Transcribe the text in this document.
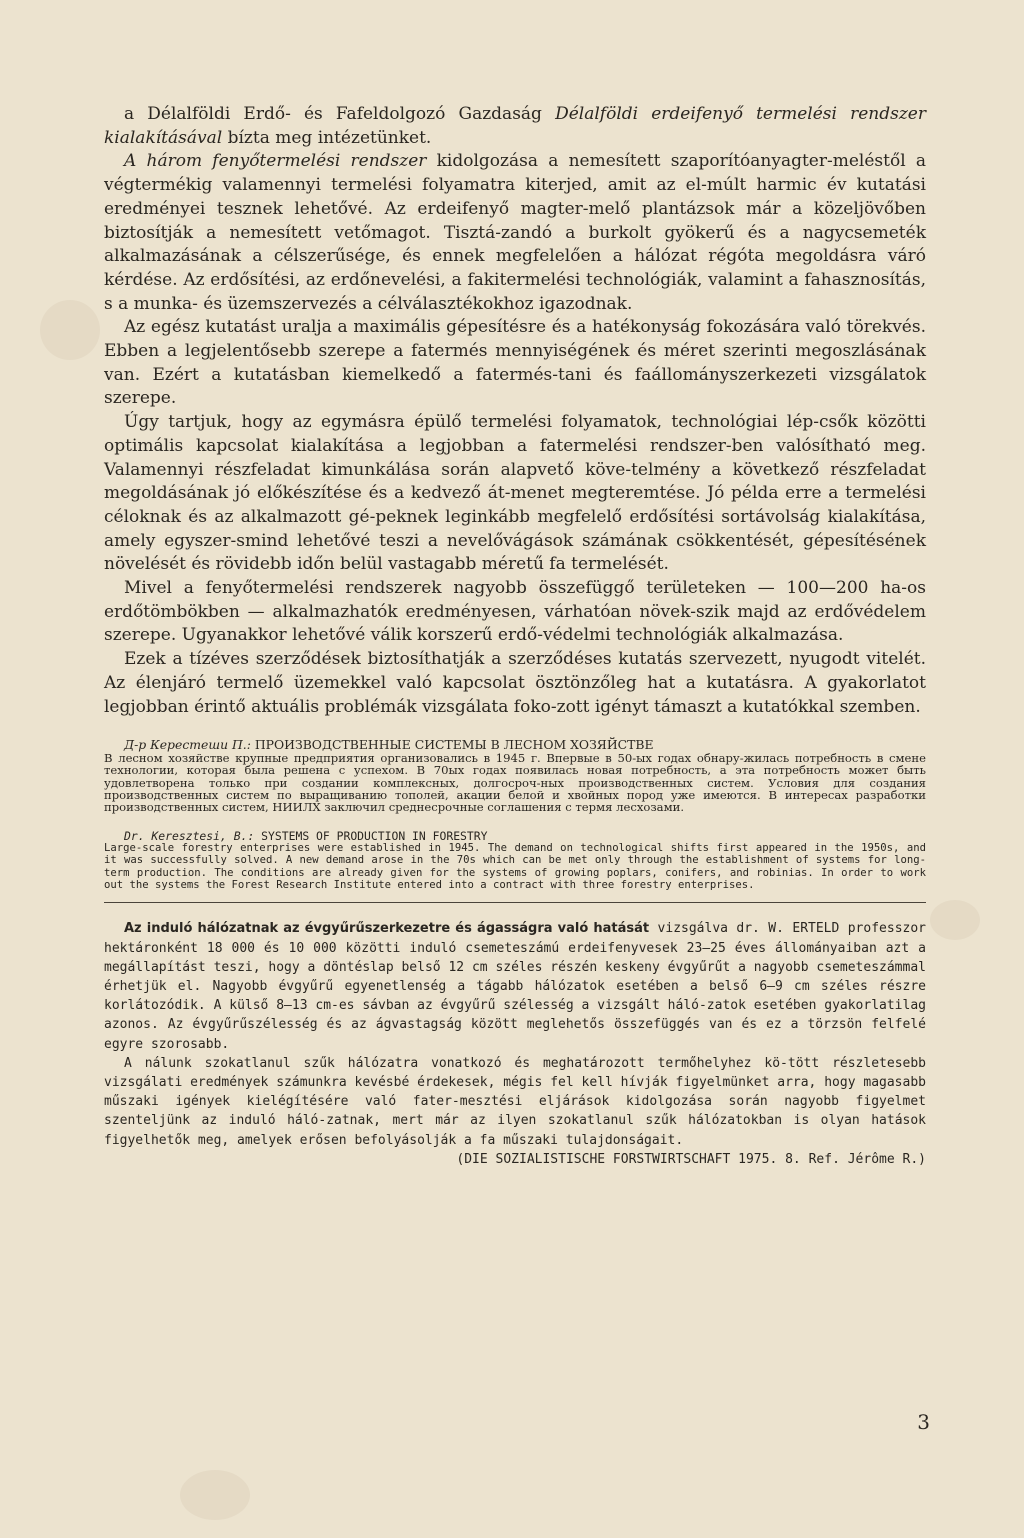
a Délalföldi Erdő- és Fafeldolgozó Gazdaság Délalföldi erdeifenyő termelési rendszer kialakításával bízta meg intézetünket.

A három fenyőtermelési rendszer kidolgozása a nemesített szaporítóanyagter-meléstől a végtermékig valamennyi termelési folyamatra kiterjed, amit az el-múlt harmic év kutatási eredményei tesznek lehetővé. Az erdeifenyő magter-melő plantázsok már a közeljövőben biztosítják a nemesített vetőmagot. Tisztá-zandó a burkolt gyökerű és a nagycsemeték alkalmazásának a célszerűsége, és ennek megfelelően a hálózat régóta megoldásra váró kérdése. Az erdősítési, az erdőnevelési, a fakitermelési technológiák, valamint a fahasznosítás, s a munka- és üzemszervezés a célválasztékokhoz igazodnak.

Az egész kutatást uralja a maximális gépesítésre és a hatékonyság fokozására való törekvés. Ebben a legjelentősebb szerepe a fatermés mennyiségének és méret szerinti megoszlásának van. Ezért a kutatásban kiemelkedő a fatermés-tani és faállományszerkezeti vizsgálatok szerepe.

Úgy tartjuk, hogy az egymásra épülő termelési folyamatok, technológiai lép-csők közötti optimális kapcsolat kialakítása a legjobban a fatermelési rendszer-ben valósítható meg. Valamennyi részfeladat kimunkálása során alapvető köve-telmény a következő részfeladat megoldásának jó előkészítése és a kedvező át-menet megteremtése. Jó példa erre a termelési céloknak és az alkalmazott gé-peknek leginkább megfelelő erdősítési sortávolság kialakítása, amely egyszer-smind lehetővé teszi a nevelővágások számának csökkentését, gépesítésének növelését és rövidebb időn belül vastagabb méretű fa termelését.

Mivel a fenyőtermelési rendszerek nagyobb összefüggő területeken — 100—200 ha-os erdőtömbökben — alkalmazhatók eredményesen, várhatóan növek-szik majd az erdővédelem szerepe. Ugyanakkor lehetővé válik korszerű erdő-védelmi technológiák alkalmazása.

Ezek a tízéves szerződések biztosíthatják a szerződéses kutatás szervezett, nyugodt vitelét. Az élenjáró termelő üzemekkel való kapcsolat ösztönzőleg hat a kutatásra. A gyakorlatot legjobban érintő aktuális problémák vizsgálata foko-zott igényt támaszt a kutatókkal szemben.

Д-р Керестеши П.: ПРОИЗВОДСТВЕННЫЕ СИСТЕМЫ В ЛЕСНОМ ХОЗЯЙСТВЕ
В лесном хозяйстве крупные предприятия организовались в 1945 г. Впервые в 50-ых годах обнару-жилась потребность в смене технологии, которая была решена с успехом. В 70ых годах появилась новая потребность, а эта потребность может быть удовлетворена только при создании комплексных, долгосроч-ных производственных систем. Условия для создания производственных систем по выращиванию тополей, акации белой и хвойных пород уже имеются. В интересах разработки производственных систем, НИИЛХ заключил среднесрочные соглашения с термя лесхозами.

Dr. Keresztesi, B.: SYSTEMS OF PRODUCTION IN FORESTRY
Large-scale forestry enterprises were established in 1945. The demand on technological shifts first appeared in the 1950s, and it was successfully solved. A new demand arose in the 70s which can be met only through the establishment of systems for long-term production. The conditions are already given for the systems of growing poplars, conifers, and robinias. In order to work out the systems the Forest Research Institute entered into a contract with three forestry enterprises.

Az induló hálózatnak az évgyűrűszerkezetre és ágasságra való hatását vizsgálva dr. W. ERTELD professzor hektáronként 18 000 és 10 000 közötti induló csemeteszámú erdeifenyvesek 23—25 éves állományaiban azt a megállapítást teszi, hogy a döntéslap belső 12 cm széles részén keskeny évgyűrűt a nagyobb csemeteszámmal érhetjük el. Nagyobb évgyűrű egyenetlenség a tágabb hálózatok esetében a belső 6—9 cm széles részre korlátozódik. A külső 8—13 cm-es sávban az évgyűrű szélesség a vizsgált háló-zatok esetében gyakorlatilag azonos. Az évgyűrűszélesség és az ágvastagság között meglehetős összefüggés van és ez a törzsön felfelé egyre szorosabb.

A nálunk szokatlanul szűk hálózatra vonatkozó és meghatározott termőhelyhez kö-tött részletesebb vizsgálati eredmények számunkra kevésbé érdekesek, mégis fel kell hívják figyelmünket arra, hogy magasabb műszaki igények kielégítésére való fater-mesztési eljárások kidolgozása során nagyobb figyelmet szenteljünk az induló háló-zatnak, mert már az ilyen szokatlanul szűk hálózatokban is olyan hatások figyelhetők meg, amelyek erősen befolyásolják a fa műszaki tulajdonságait.

(DIE SOZIALISTISCHE FORSTWIRTSCHAFT 1975. 8. Ref. Jérôme R.)

3
